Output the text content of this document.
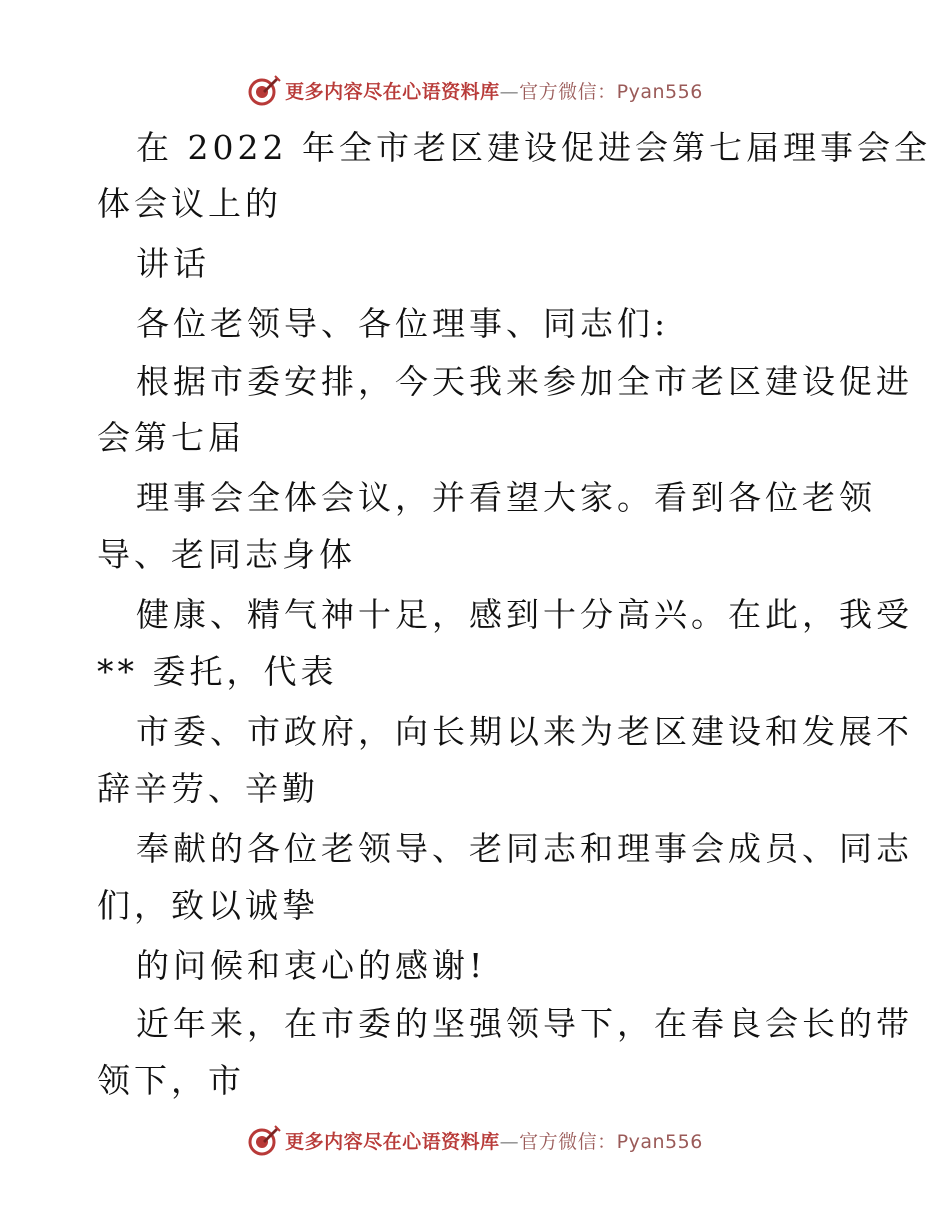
更多内容尽在心语资料库—官方微信：Pyan556
在 2022 年全市老区建设促进会第七届理事会全
体会议上的
讲话
各位老领导、各位理事、同志们:
根据市委安排，今天我来参加全市老区建设促进
会第七届
理事会全体会议，并看望大家。看到各位老领
导、老同志身体
健康、精气神十足，感到十分高兴。在此，我受
** 委托，代表
市委、市政府，向长期以来为老区建设和发展不
辞辛劳、辛勤
奉献的各位老领导、老同志和理事会成员、同志
们，致以诚挚
的问候和衷心的感谢!
近年来，在市委的坚强领导下，在春良会长的带
领下，市
更多内容尽在心语资料库—官方微信：Pyan556
